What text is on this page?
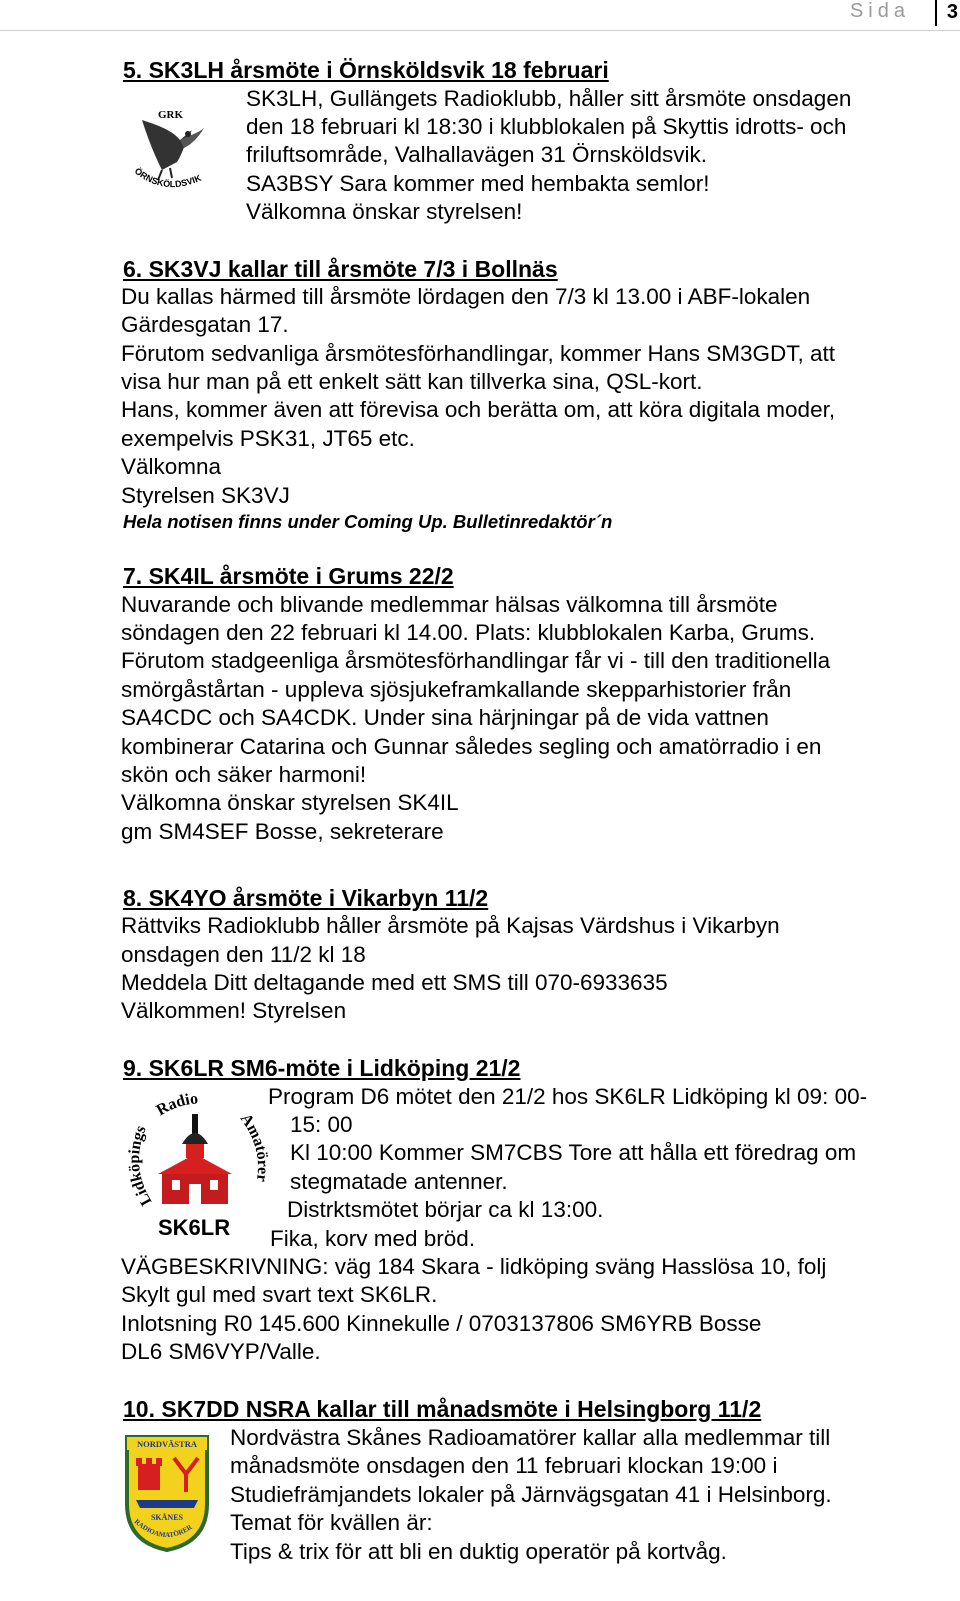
Sida	3
5. SK3LH årsmöte i Örnsköldsvik 18 februari
GRK
ÖRNSKÖLDSVIK
SK3LH, Gullängets Radioklubb, håller sitt årsmöte onsdagen
den 18 februari kl 18:30 i klubblokalen på Skyttis idrotts- och
friluftsområde, Valhallavägen 31 Örnsköldsvik.
SA3BSY Sara kommer med hembakta semlor!
Välkomna önskar styrelsen!
6. SK3VJ kallar till årsmöte 7/3 i Bollnäs
Du kallas härmed till årsmöte lördagen den 7/3 kl 13.00 i ABF-lokalen
Gärdesgatan 17.
Förutom sedvanliga årsmötesförhandlingar, kommer Hans SM3GDT, att
visa hur man på ett enkelt sätt kan tillverka sina, QSL-kort.
Hans, kommer även att förevisa och berätta om, att köra digitala moder,
exempelvis PSK31, JT65 etc.
Välkomna
Styrelsen SK3VJ
Hela notisen finns under Coming Up. Bulletinredaktör´n
7. SK4IL årsmöte i Grums 22/2
Nuvarande och blivande medlemmar hälsas välkomna till årsmöte
söndagen den 22 februari kl 14.00. Plats: klubblokalen Karba, Grums.
Förutom stadgeenliga årsmötesförhandlingar får vi - till den traditionella
smörgåstårtan - uppleva sjösjukeframkallande skepparhistorier från
SA4CDC och SA4CDK. Under sina härjningar på de vida vattnen
kombinerar Catarina och Gunnar således segling och amatörradio i en
skön och säker harmoni!
Välkomna önskar styrelsen SK4IL
gm SM4SEF Bosse, sekreterare
8. SK4YO årsmöte i Vikarbyn 11/2
Rättviks Radioklubb håller årsmöte på Kajsas Värdshus i Vikarbyn
onsdagen den 11/2 kl 18
Meddela Ditt deltagande med ett SMS till 070-6933635
Välkommen! Styrelsen
9. SK6LR SM6-möte i Lidköping 21/2
Lidköpings
Radio
Amatörer
SK6LR
Program D6 mötet den 21/2 hos SK6LR Lidköping kl 09: 00-
15: 00
Kl 10:00 Kommer SM7CBS Tore att hålla ett föredrag om
stegmatade antenner.
Distrktsmötet börjar ca kl 13:00.
Fika, korv med bröd.
VÄGBESKRIVNING: väg 184 Skara - lidköping sväng Hasslösa 10, folj
Skylt gul med svart text SK6LR.
Inlotsning R0 145.600 Kinnekulle / 0703137806 SM6YRB Bosse
DL6 SM6VYP/Valle.
10. SK7DD NSRA kallar till månadsmöte i Helsingborg 11/2
NORDVÄSTRA
SKÅNES
RADIOAMATÖRER
Nordvästra Skånes Radioamatörer kallar alla medlemmar till
månadsmöte onsdagen den 11 februari klockan 19:00 i
Studiefrämjandets lokaler på Järnvägsgatan 41 i Helsinborg.
Temat för kvällen är:
Tips & trix för att bli en duktig operatör på kortvåg.
